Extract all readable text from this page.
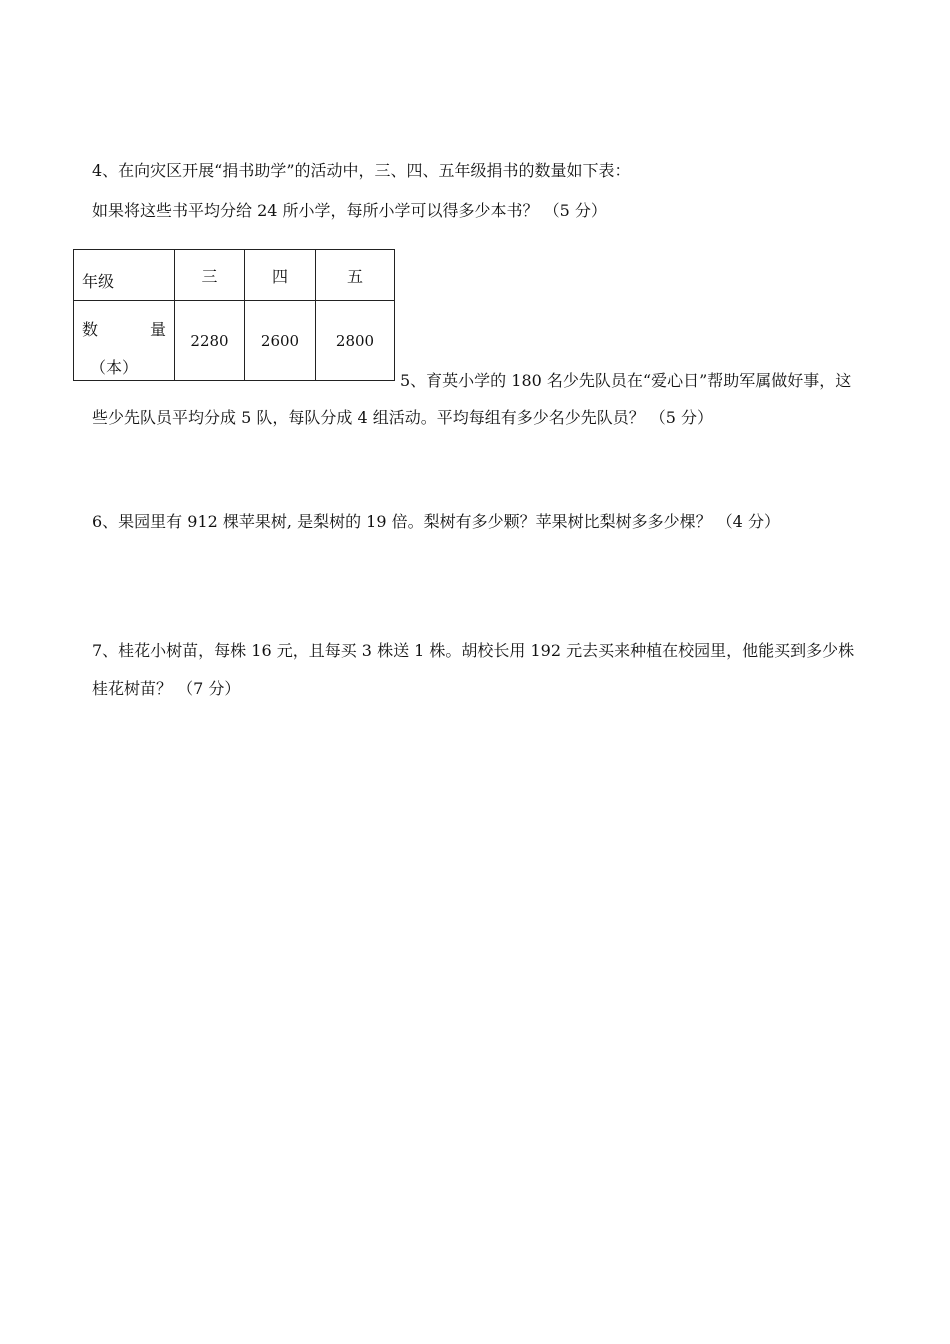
4、在向灾区开展“捐书助学”的活动中，三、四、五年级捐书的数量如下表：
如果将这些书平均分给 24 所小学，每所小学可以得多少本书？ （5 分）
年级	三	四	五

数 量
（本）	2280	2600	2800
5、育英小学的 180 名少先队员在“爱心日”帮助军属做好事，这
些少先队员平均分成 5 队，每队分成 4 组活动。平均每组有多少名少先队员？ （5 分）
6、果园里有 912 棵苹果树, 是梨树的 19 倍。梨树有多少颗？苹果树比梨树多多少棵？ （4 分）
7、桂花小树苗，每株 16 元，且每买 3 株送 1 株。胡校长用 192 元去买来种植在校园里，他能买到多少株
桂花树苗？ （7 分）
